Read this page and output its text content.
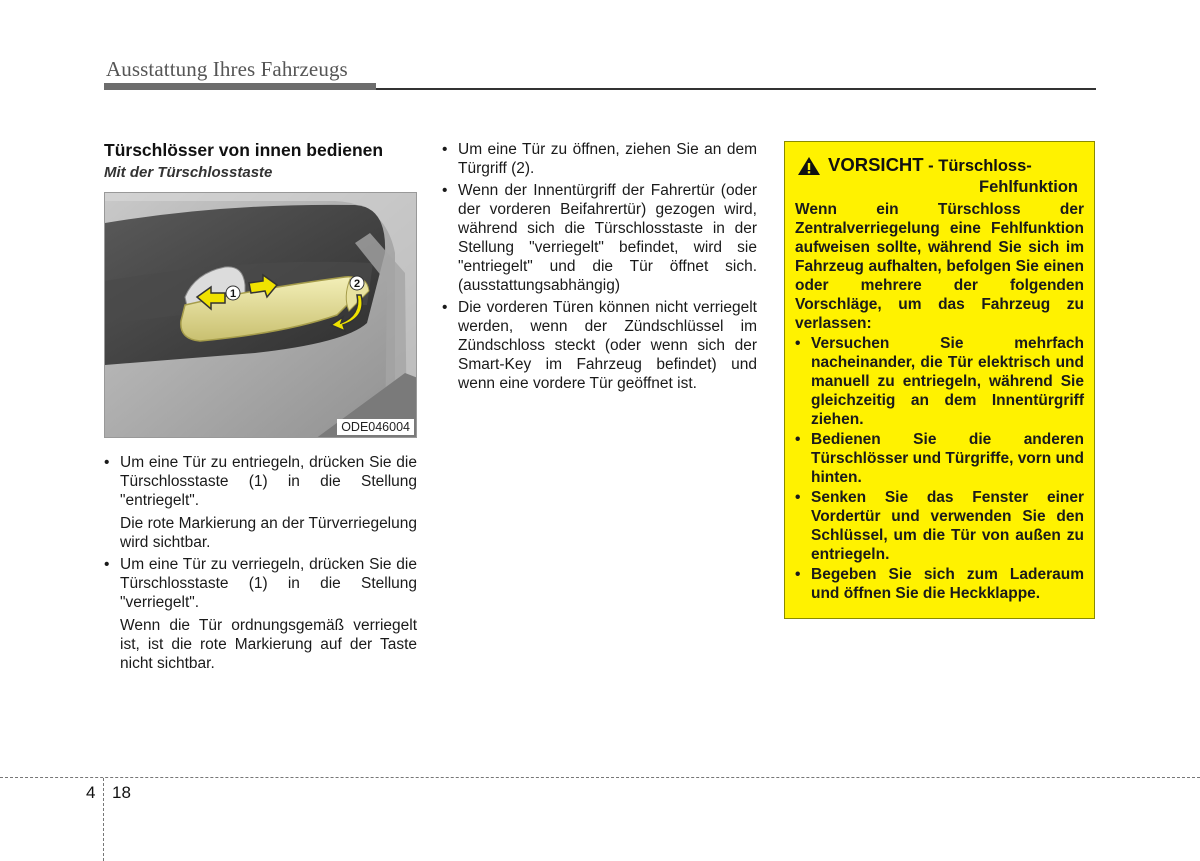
Ausstattung Ihres Fahrzeugs
Türschlösser von innen bedienen
Mit der Türschlosstaste
1
2
ODE046004
• Um eine Tür zu entriegeln, drücken Sie die Türschlosstaste (1) in die Stellung "entriegelt".
Die rote Markierung an der Türverriegelung wird sichtbar.
• Um eine Tür zu verriegeln, drücken Sie die Türschlosstaste (1) in die Stellung "verriegelt".
Wenn die Tür ordnungsgemäß verriegelt ist, ist die rote Markierung auf der Taste nicht sichtbar.
• Um eine Tür zu öffnen, ziehen Sie an dem Türgriff (2).
• Wenn der Innentürgriff der Fahrertür (oder der vorderen Beifahrertür) gezogen wird, während sich die Türschlosstaste in der Stellung "verriegelt" befindet, wird sie "entriegelt" und die Tür öffnet sich. (ausstattungsabhängig)
• Die vorderen Türen können nicht verriegelt werden, wenn der Zündschlüssel im Zündschloss steckt (oder wenn sich der Smart-Key im Fahrzeug befindet) und wenn eine vordere Tür geöffnet ist.
VORSICHT - Türschloss-
Fehlfunktion
Wenn ein Türschloss der Zentralverriegelung eine Fehlfunktion aufweisen sollte, während Sie sich im Fahrzeug aufhalten, befolgen Sie einen oder mehrere der folgenden Vorschläge, um das Fahrzeug zu verlassen:
• Versuchen Sie mehrfach nacheinander, die Tür elektrisch und manuell zu entriegeln, während Sie gleichzeitig an dem Innentürgriff ziehen.
• Bedienen Sie die anderen Türschlösser und Türgriffe, vorn und hinten.
• Senken Sie das Fenster einer Vordertür und verwenden Sie den Schlüssel, um die Tür von außen zu entriegeln.
• Begeben Sie sich zum Laderaum und öffnen Sie die Heckklappe.
4 18
